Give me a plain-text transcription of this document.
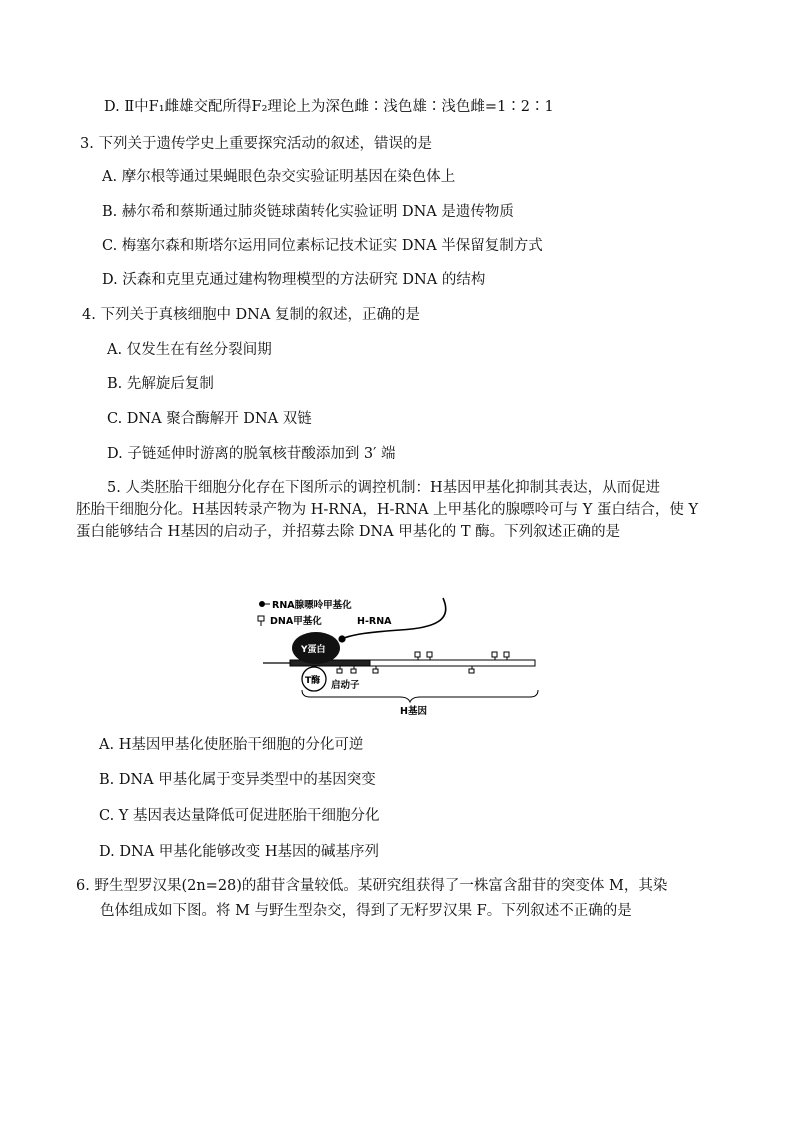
D. Ⅱ中F₁雌雄交配所得F₂理论上为深色雌∶浅色雄∶浅色雌=1∶2∶1
3. 下列关于遗传学史上重要探究活动的叙述，错误的是
A. 摩尔根等通过果蝇眼色杂交实验证明基因在染色体上
B. 赫尔希和蔡斯通过肺炎链球菌转化实验证明 DNA 是遗传物质
C. 梅塞尔森和斯塔尔运用同位素标记技术证实 DNA 半保留复制方式
D. 沃森和克里克通过建构物理模型的方法研究 DNA 的结构
4. 下列关于真核细胞中 DNA 复制的叙述，正确的是
A. 仅发生在有丝分裂间期
B. 先解旋后复制
C. DNA 聚合酶解开 DNA 双链
D. 子链延伸时游离的脱氧核苷酸添加到 3′ 端
5. 人类胚胎干细胞分化存在下图所示的调控机制：H基因甲基化抑制其表达，从而促进
胚胎干细胞分化。H基因转录产物为 H-RNA，H-RNA 上甲基化的腺嘌呤可与 Y 蛋白结合，使 Y
蛋白能够结合 H基因的启动子，并招募去除 DNA 甲基化的 T 酶。下列叙述正确的是
RNA腺嘌呤甲基化
DNA甲基化	H-RNA
Y蛋白
T酶 启动子
H基因
A. H基因甲基化使胚胎干细胞的分化可逆
B. DNA 甲基化属于变异类型中的基因突变
C. Y 基因表达量降低可促进胚胎干细胞分化
D. DNA 甲基化能够改变 H基因的碱基序列
6. 野生型罗汉果(2n=28)的甜苷含量较低。某研究组获得了一株富含甜苷的突变体 M，其染
色体组成如下图。将 M 与野生型杂交，得到了无籽罗汉果 F。下列叙述不正确的是
